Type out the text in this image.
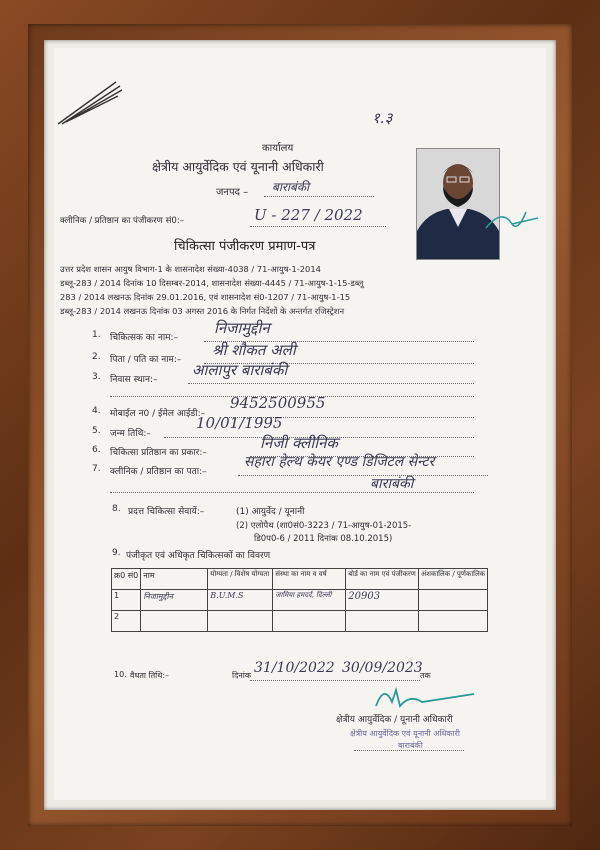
१.३
कार्यालय
क्षेत्रीय आयुर्वेदिक एवं यूनानी अधिकारी
जनपद – बाराबंकी
क्लीनिक / प्रतिष्ठान का पंजीकरण सं0:–	U - 227 / 2022
चिकित्सा पंजीकरण प्रमाण-पत्र
उत्तर प्रदेश शासन आयुष विभाग-1 के शासनादेश संख्या-4038 / 71-आयुष-1-2014
डब्लू-283 / 2014 दिनांक 10 दिसम्बर-2014, शासनादेश संख्या-4445 / 71-आयुष-1-15-डब्लू
283 / 2014 लखनऊ दिनांक 29.01.2016, एवं शासनादेश सं0-1207 / 71-आयुष-1-15
डब्लू-283 / 2014 लखनऊ दिनांक 03 अगस्त 2016 के निर्गत निर्देशों के अन्तर्गत रजिस्ट्रेशन
1. चिकित्सक का नाम:–
निजामुद्दीन
2. पिता / पति का नाम:–
श्री शौकत अली
3. निवास स्थान:–
आलापुर बाराबंकी
4. मोबाईल न0 / ईमेल आईडी:–
9452500955
5. जन्म तिथि:–
10/01/1995
6. चिकित्सा प्रतिष्ठान का प्रकार:–
निजी क्लीनिक
7. क्लीनिक / प्रतिष्ठान का पता:–
सहारा हेल्थ केयर एण्ड डिजिटल सेन्टर
बाराबंकी
8. प्रदत्त चिकित्सा सेवायें:–	(1) आयुर्वेद / यूनानी
(2) एलोपैथ (शा0सं0-3223 / 71-आयुष-01-2015-
डि0प0-6 / 2011 दिनांक 08.10.2015)
9. पंजीकृत एवं अधिकृत चिकित्सकों का विवरण
क्र0 सं0	नाम	योग्यता / विशेष योग्यता	संस्था का नाम व वर्ष	बोर्ड का नाम एवं पंजीकरण	अंशकालिक / पूर्णकालिक
1	निजामुद्दीन	B.U.M.S	जामिया हमदर्द, दिल्ली	20903	
2					
10. वैधता तिथि:–	दिनांक 31/10/2022 30/09/2023
तक
क्षेत्रीय आयुर्वेदिक / यूनानी अधिकारी
क्षेत्रीय आयुर्वेदिक एवं यूनानी अधिकारी
बाराबंकी
